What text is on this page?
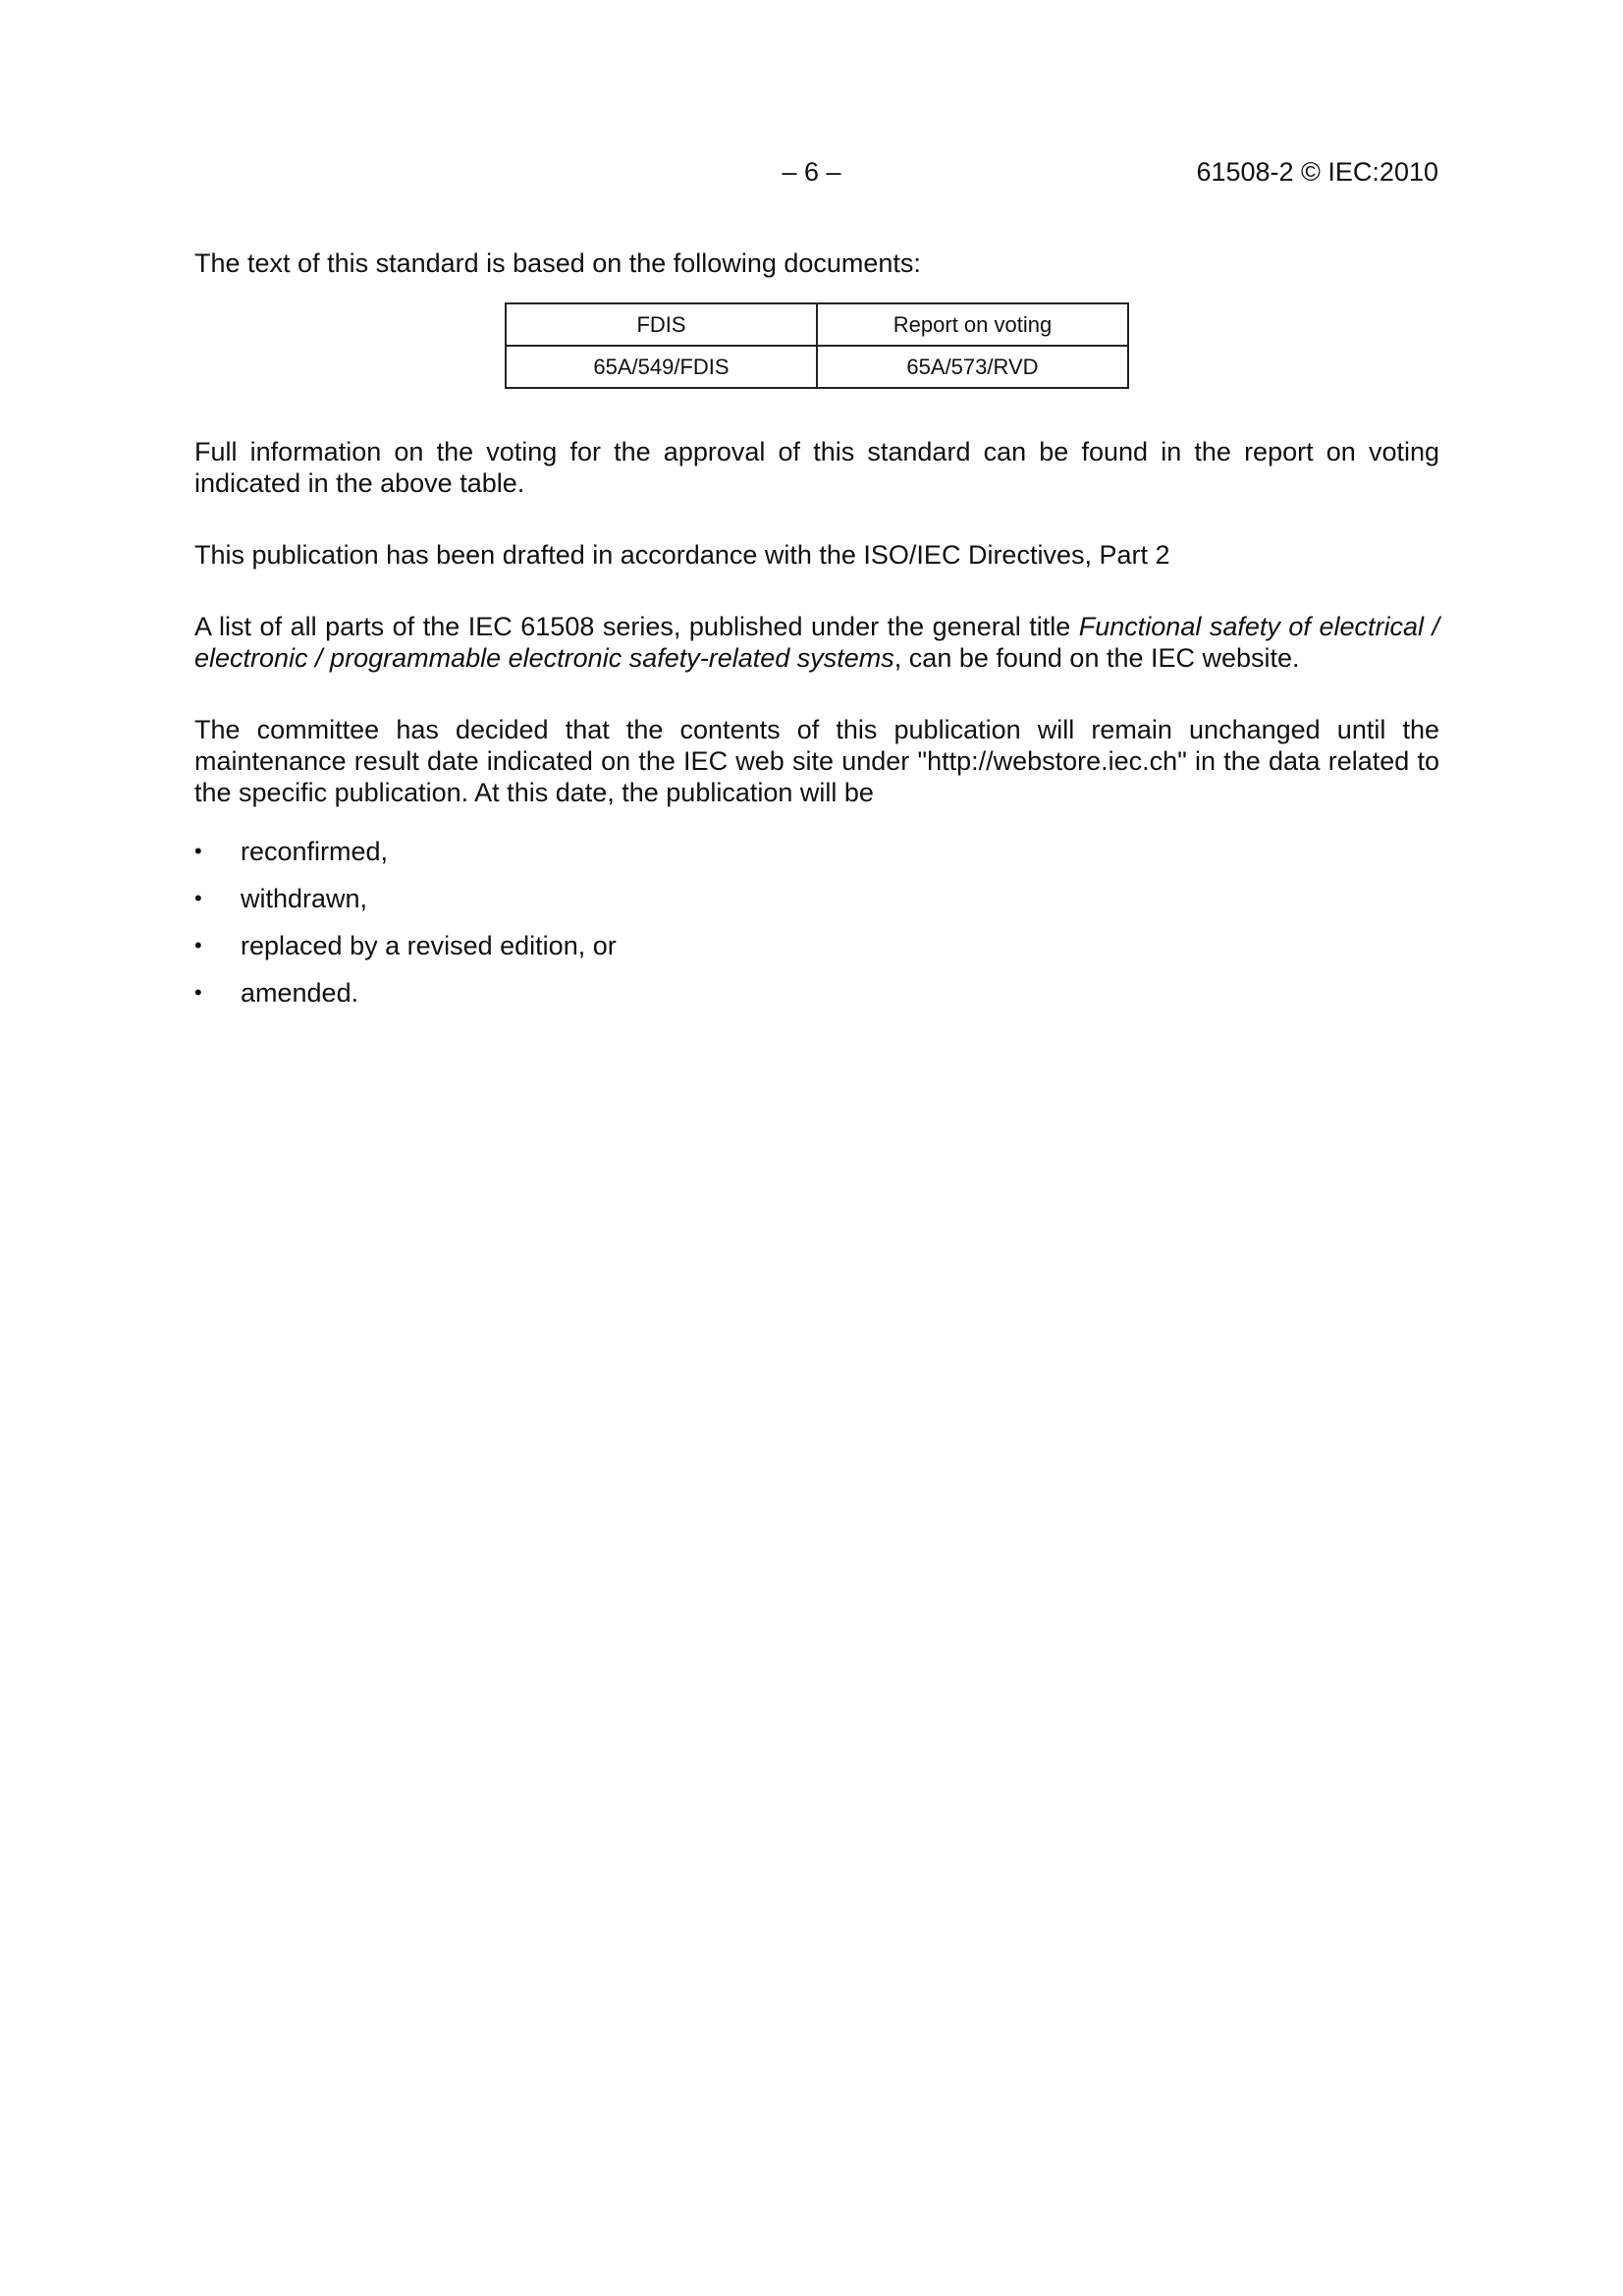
– 6 –	61508-2 © IEC:2010

The text of this standard is based on the following documents:

FDIS	Report on voting
65A/549/FDIS	65A/573/RVD

Full information on the voting for the approval of this standard can be found in the report on voting indicated in the above table.

This publication has been drafted in accordance with the ISO/IEC Directives, Part 2

A list of all parts of the IEC 61508 series, published under the general title Functional safety of electrical / electronic / programmable electronic safety-related systems, can be found on the IEC website.

The committee has decided that the contents of this publication will remain unchanged until the maintenance result date indicated on the IEC web site under "http://webstore.iec.ch" in the data related to the specific publication. At this date, the publication will be

• reconfirmed,
• withdrawn,
• replaced by a revised edition, or
• amended.
